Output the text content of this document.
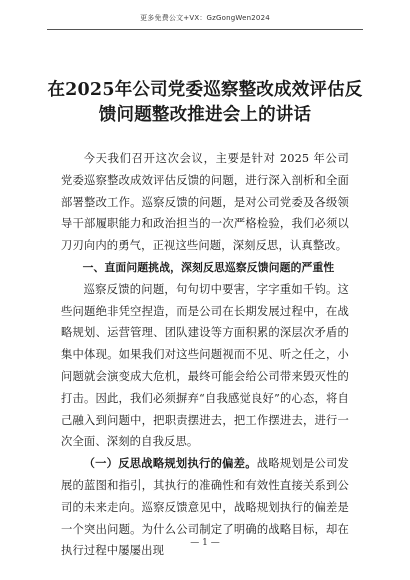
更多免费公文+VX：GzGongWen2024
在2025年公司党委巡察整改成效评估反馈问题整改推进会上的讲话

今天我们召开这次会议，主要是针对 2025 年公司党委巡察整改成效评估反馈的问题，进行深入剖析和全面部署整改工作。巡察反馈的问题，是对公司党委及各级领导干部履职能力和政治担当的一次严格检验，我们必须以刀刃向内的勇气，正视这些问题，深刻反思，认真整改。

一、直面问题挑战，深刻反思巡察反馈问题的严重性

巡察反馈的问题，句句切中要害，字字重如千钧。这些问题绝非凭空捏造，而是公司在长期发展过程中，在战略规划、运营管理、团队建设等方面积累的深层次矛盾的集中体现。如果我们对这些问题视而不见、听之任之，小问题就会演变成大危机，最终可能会给公司带来毁灭性的打击。因此，我们必须摒弃“自我感觉良好”的心态，将自己融入到问题中，把职责摆进去，把工作摆进去，进行一次全面、深刻的自我反思。

（一）反思战略规划执行的偏差。战略规划是公司发展的蓝图和指引，其执行的准确性和有效性直接关系到公司的未来走向。巡察反馈意见中，战略规划执行的偏差是一个突出问题。为什么公司制定了明确的战略目标，却在执行过程中屡屡出现

— 1 —
